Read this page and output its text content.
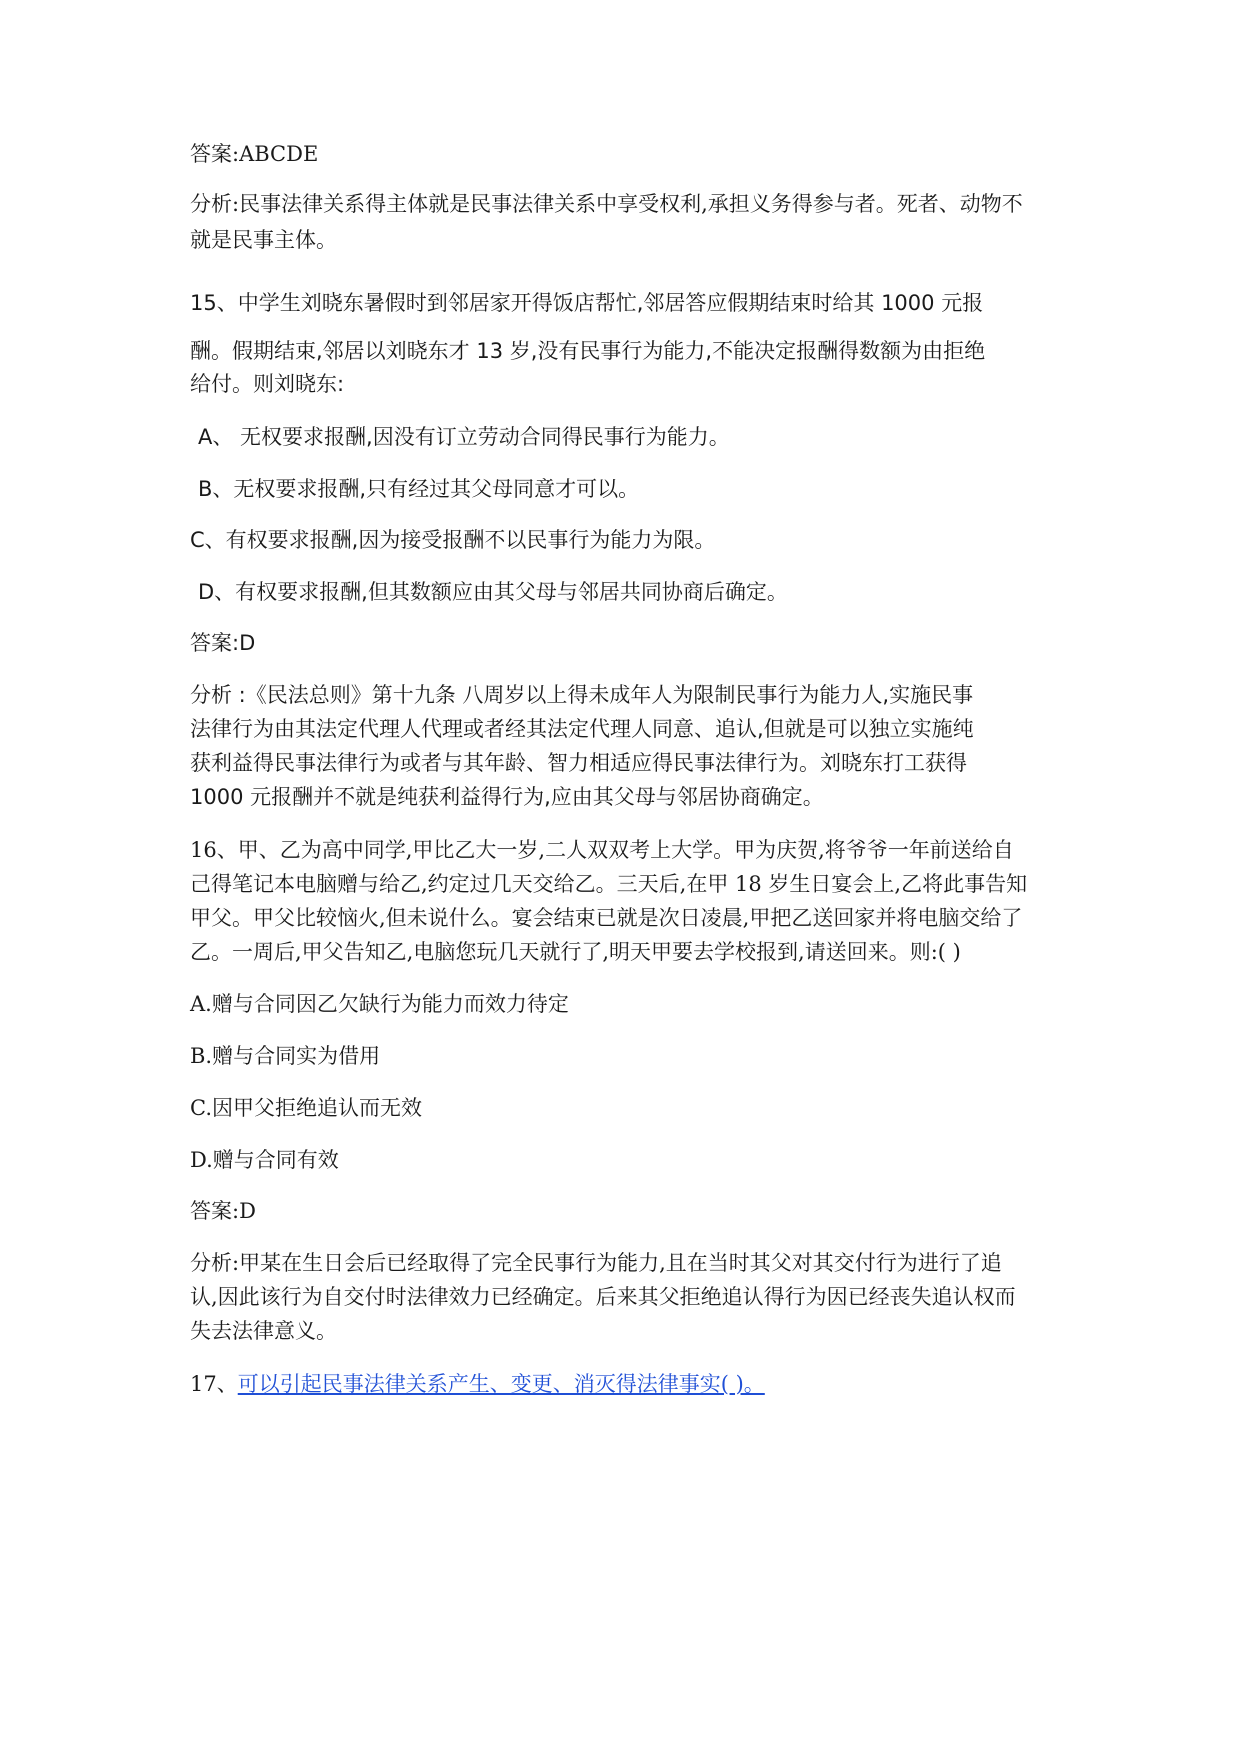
答案:ABCDE
分析:民事法律关系得主体就是民事法律关系中享受权利,承担义务得参与者。死者、动物不
就是民事主体。
15、中学生刘晓东暑假时到邻居家开得饭店帮忙,邻居答应假期结束时给其 1000 元报
酬。假期结束,邻居以刘晓东才 13 岁,没有民事行为能力,不能决定报酬得数额为由拒绝
给付。则刘晓东:
A、 无权要求报酬,因没有订立劳动合同得民事行为能力。
B、无权要求报酬,只有经过其父母同意才可以。
C、有权要求报酬,因为接受报酬不以民事行为能力为限。
D、有权要求报酬,但其数额应由其父母与邻居共同协商后确定。
答案:D
分析 :《民法总则》第十九条 八周岁以上得未成年人为限制民事行为能力人,实施民事
法律行为由其法定代理人代理或者经其法定代理人同意、追认,但就是可以独立实施纯
获利益得民事法律行为或者与其年龄、智力相适应得民事法律行为。刘晓东打工获得
1000 元报酬并不就是纯获利益得行为,应由其父母与邻居协商确定。
16、甲、乙为高中同学,甲比乙大一岁,二人双双考上大学。甲为庆贺,将爷爷一年前送给自
己得笔记本电脑赠与给乙,约定过几天交给乙。三天后,在甲 18 岁生日宴会上,乙将此事告知
甲父。甲父比较恼火,但未说什么。宴会结束已就是次日凌晨,甲把乙送回家并将电脑交给了
乙。一周后,甲父告知乙,电脑您玩几天就行了,明天甲要去学校报到,请送回来。则:( )
A.赠与合同因乙欠缺行为能力而效力待定
B.赠与合同实为借用
C.因甲父拒绝追认而无效
D.赠与合同有效
答案:D
分析:甲某在生日会后已经取得了完全民事行为能力,且在当时其父对其交付行为进行了追
认,因此该行为自交付时法律效力已经确定。后来其父拒绝追认得行为因已经丧失追认权而
失去法律意义。
17、可以引起民事法律关系产生、变更、消灭得法律事实( )。
